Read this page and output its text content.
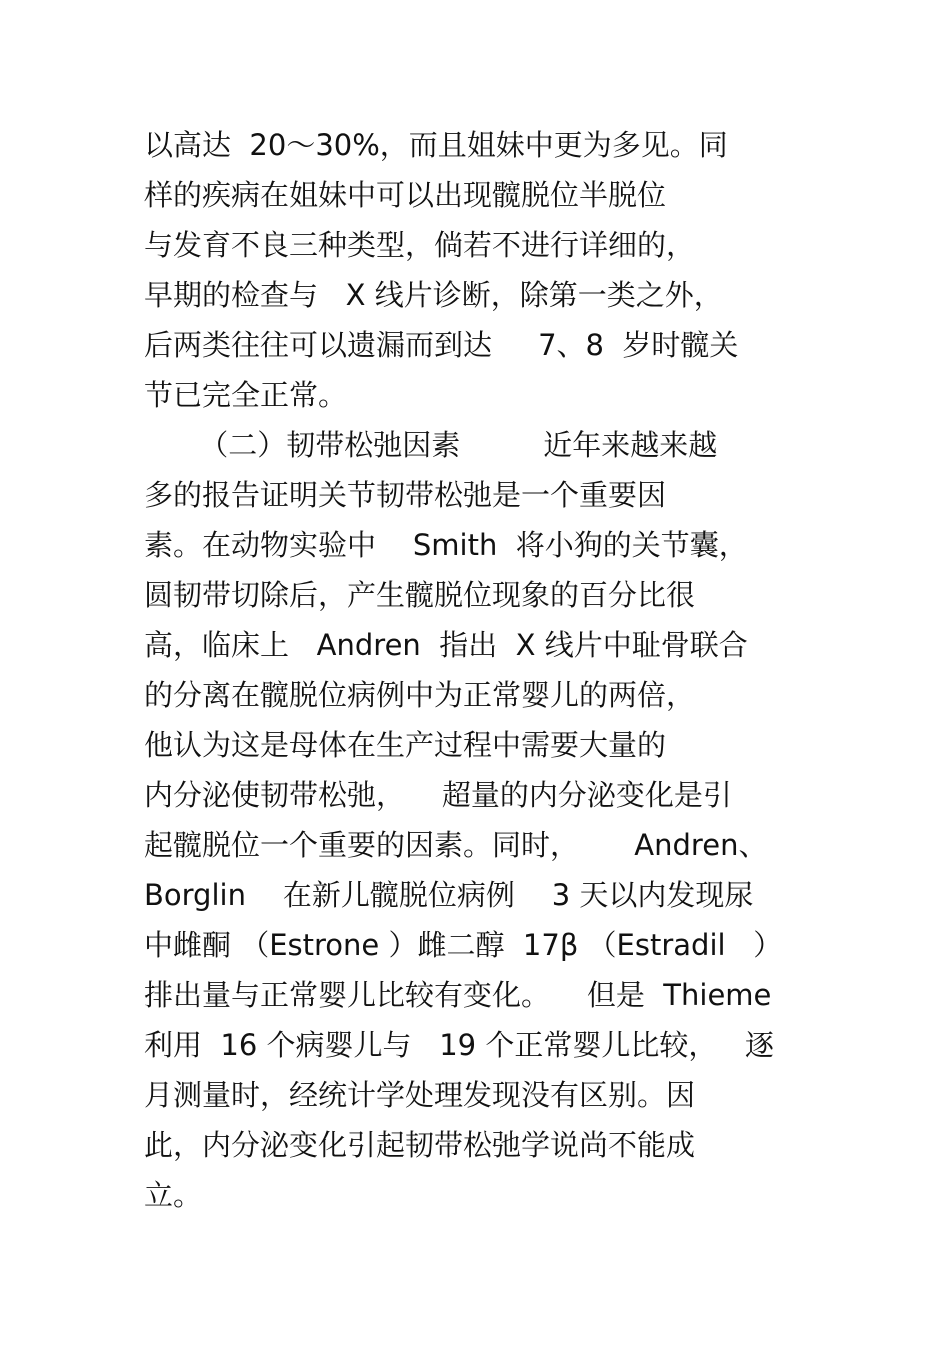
以高达  20～30%，而且姐妹中更为多见。同
样的疾病在姐妹中可以出现髋脱位半脱位
与发育不良三种类型，倘若不进行详细的，
早期的检查与   X 线片诊断，除第一类之外，
后两类往往可以遗漏而到达     7、8  岁时髋关
节已完全正常。
（二）韧带松弛因素         近年来越来越
多的报告证明关节韧带松弛是一个重要因
素。在动物实验中    Smith  将小狗的关节囊，
圆韧带切除后，产生髋脱位现象的百分比很
高，临床上   Andren  指出  X 线片中耻骨联合
的分离在髋脱位病例中为正常婴儿的两倍，
他认为这是母体在生产过程中需要大量的
内分泌使韧带松弛，    超量的内分泌变化是引
起髋脱位一个重要的因素。同时，      Andren、
Borglin    在新儿髋脱位病例    3 天以内发现尿
中雌酮 （Estrone ）雌二醇  17β （Estradil   ）
排出量与正常婴儿比较有变化。    但是  Thieme
利用  16 个病婴儿与   19 个正常婴儿比较，   逐
月测量时，经统计学处理发现没有区别。因
此，内分泌变化引起韧带松弛学说尚不能成
立。
